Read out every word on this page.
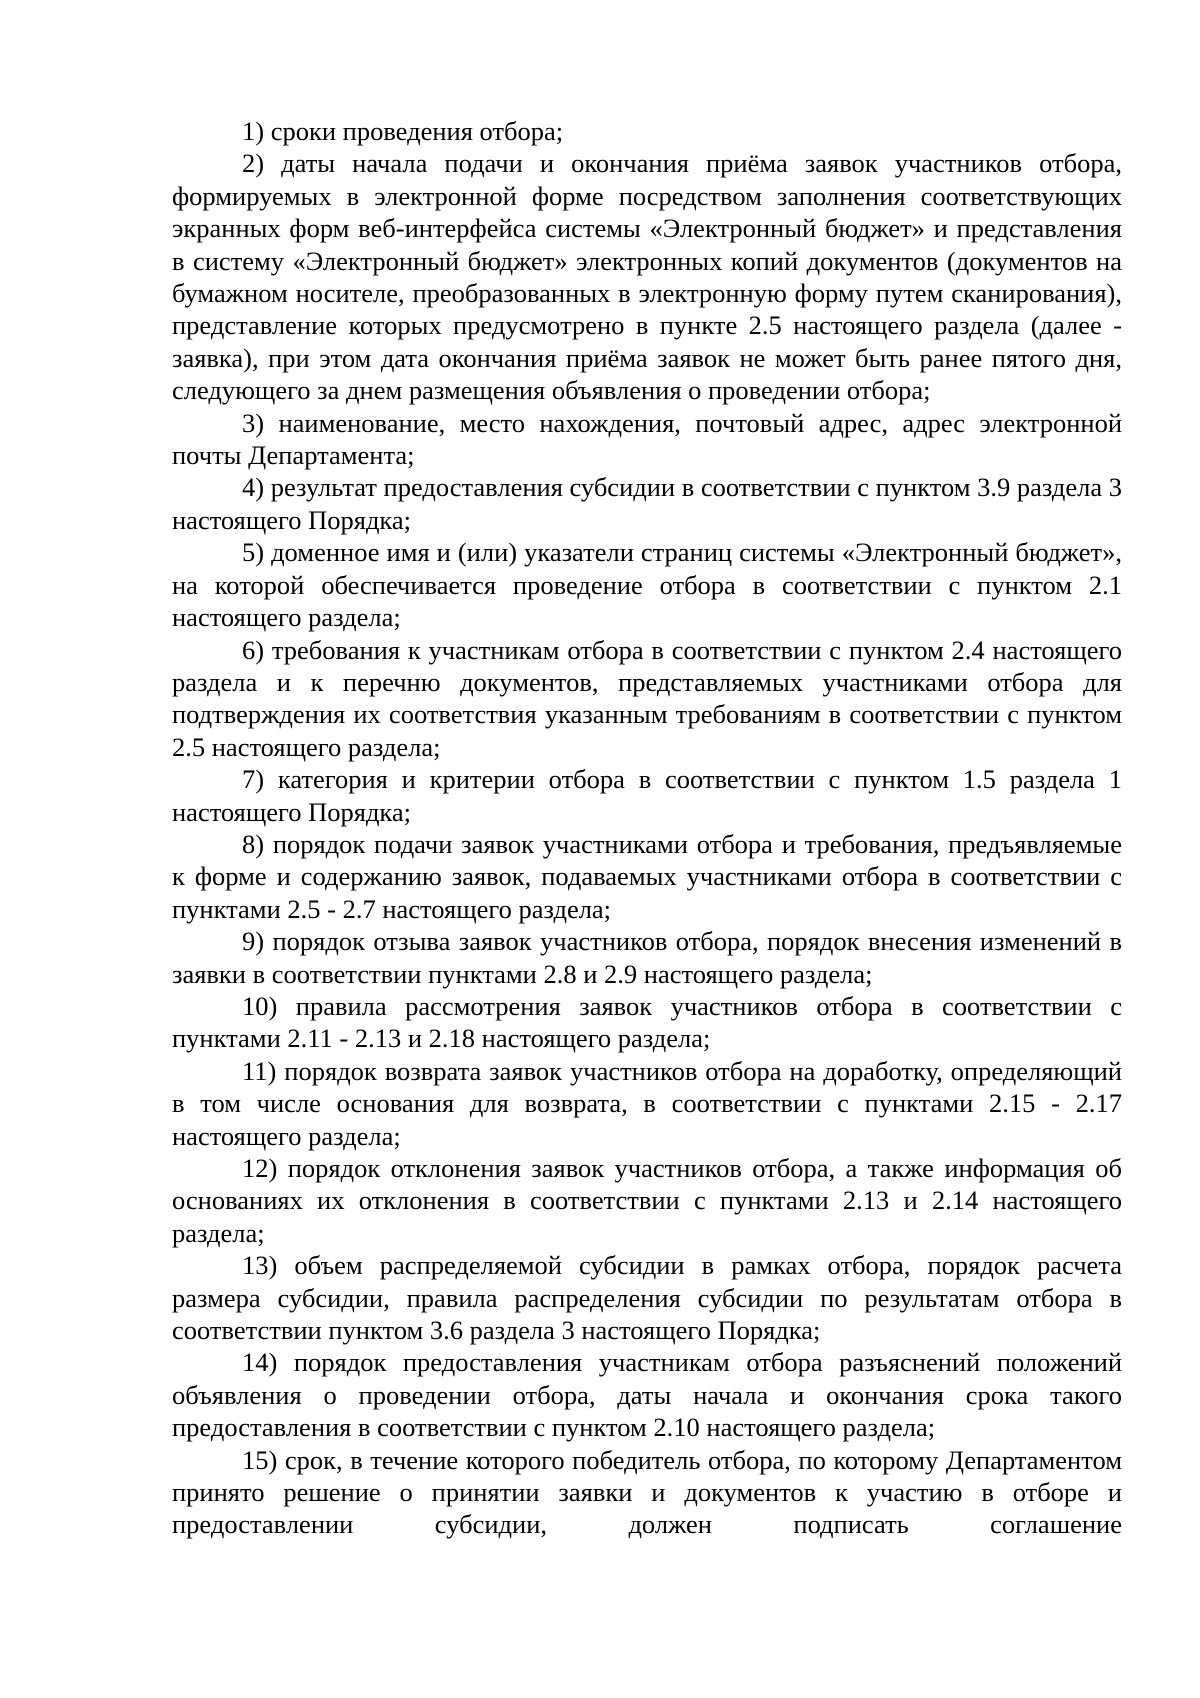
1) сроки проведения отбора;

2) даты начала подачи и окончания приёма заявок участников отбора, формируемых в электронной форме посредством заполнения соответствующих экранных форм веб-интерфейса системы «Электронный бюджет» и представления в систему «Электронный бюджет» электронных копий документов (документов на бумажном носителе, преобразованных в электронную форму путем сканирования), представление которых предусмотрено в пункте 2.5 настоящего раздела (далее - заявка), при этом дата окончания приёма заявок не может быть ранее пятого дня, следующего за днем размещения объявления о проведении отбора;

3) наименование, место нахождения, почтовый адрес, адрес электронной почты Департамента;

4) результат предоставления субсидии в соответствии с пунктом 3.9 раздела 3 настоящего Порядка;

5) доменное имя и (или) указатели страниц системы «Электронный бюджет», на которой обеспечивается проведение отбора в соответствии с пунктом 2.1 настоящего раздела;

6) требования к участникам отбора в соответствии с пунктом 2.4 настоящего раздела и к перечню документов, представляемых участниками отбора для подтверждения их соответствия указанным требованиям в соответствии с пунктом 2.5 настоящего раздела;

7) категория и критерии отбора в соответствии с пунктом 1.5 раздела 1 настоящего Порядка;

8) порядок подачи заявок участниками отбора и требования, предъявляемые к форме и содержанию заявок, подаваемых участниками отбора в соответствии с пунктами 2.5 - 2.7 настоящего раздела;

9) порядок отзыва заявок участников отбора, порядок внесения изменений в заявки в соответствии пунктами 2.8 и 2.9 настоящего раздела;

10) правила рассмотрения заявок участников отбора в соответствии с пунктами 2.11 - 2.13 и 2.18 настоящего раздела;

11) порядок возврата заявок участников отбора на доработку, определяющий в том числе основания для возврата, в соответствии с пунктами 2.15 - 2.17 настоящего раздела;

12) порядок отклонения заявок участников отбора, а также информация об основаниях их отклонения в соответствии с пунктами 2.13 и 2.14 настоящего раздела;

13) объем распределяемой субсидии в рамках отбора, порядок расчета размера субсидии, правила распределения субсидии по результатам отбора в соответствии пунктом 3.6 раздела 3 настоящего Порядка;

14) порядок предоставления участникам отбора разъяснений положений объявления о проведении отбора, даты начала и окончания срока такого предоставления в соответствии с пунктом 2.10 настоящего раздела;

15) срок, в течение которого победитель отбора, по которому Департаментом принято решение о принятии заявки и документов к участию в отборе и предоставлении субсидии, должен подписать соглашение
